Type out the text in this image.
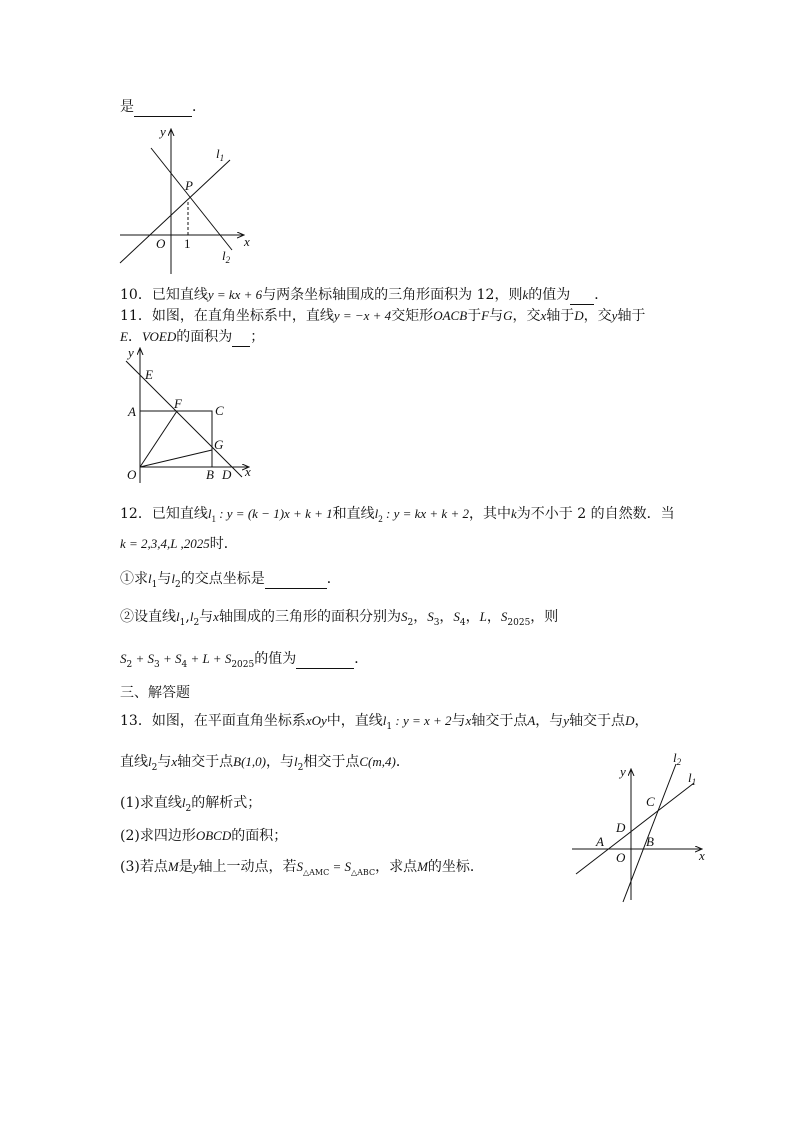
是	．
y
$l_1$
P
O 1	x
$l_2$
10．已知直线y = kx + 6与两条坐标轴围成的三角形面积为 12，则k的值为 ．
11．如图，在直角坐标系中，直线y = −x + 4交矩形OACB于F与G，交x轴于D，交y轴于
E．VOED的面积为 ；
y
E
A
F	C
G
O	B D x
12．已知直线$l_1$ : y = (k − 1)x + k + 1和直线$l_2$ : y = kx + k + 2，其中k为不小于 2 的自然数．当
k = 2,3,4,L ,2025时．
①求$l_1$与$l_2$的交点坐标是	．
②设直线$l_1,l_2$与x轴围成的三角形的面积分别为$S_2$，$S_3$，$S_4$，L，$S_{2025}$，则
$S_2 + S_3 + S_4 + L + S_{2025}$的值为	．
三、解答题
13．如图，在平面直角坐标系xOy中，直线$l_1$ : y = x + 2与x轴交于点A，与y轴交于点D，
直线$l_2$与x轴交于点B(1,0)，与$l_2$相交于点C(m,4)．
(1)求直线$l_2$的解析式；
(2)求四边形OBCD的面积；
(3)若点M是y轴上一动点，若$S_{\triangle AMC} = S_{\triangle ABC}$，求点M的坐标．
y
$l_2$
$l_1$
C
D
A	B
O	x
